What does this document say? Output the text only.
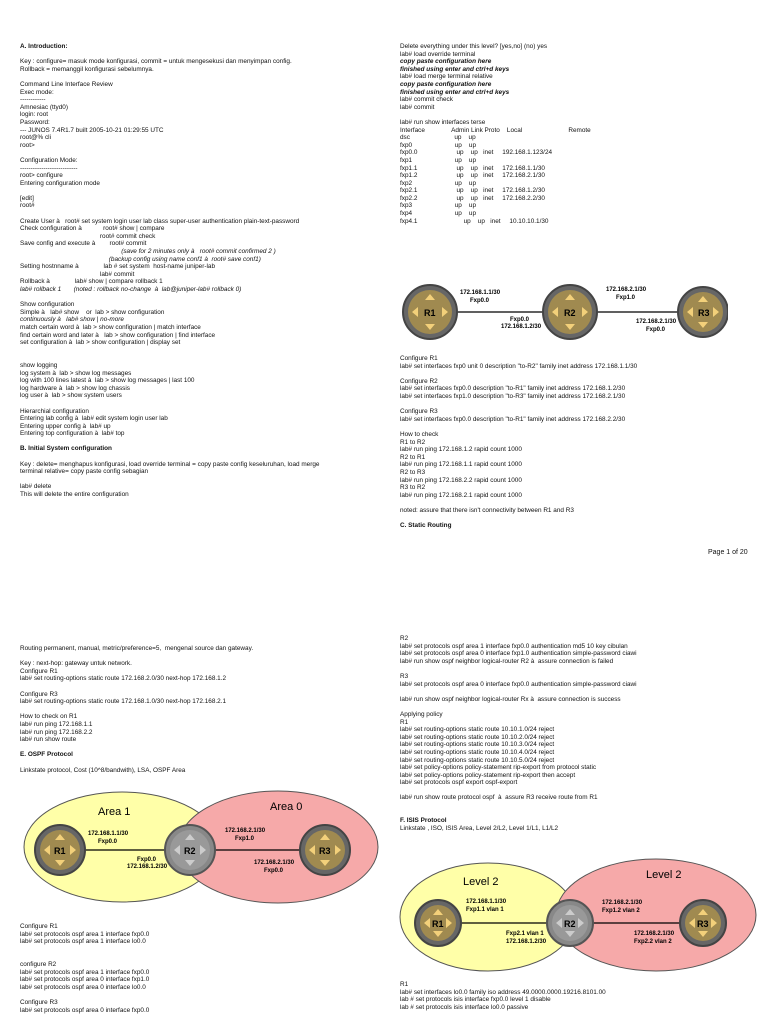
A. Introduction:
Key : configure= masuk mode konfigurasi, commit = untuk mengesekusi dan menyimpan config.
Rollback = memanggil konfigurasi sebelumnya.
Command Line Interface Review
Exec mode:
------------
Amnesiac (ttyd0)
login: root
Password:
--- JUNOS 7.4R1.7 built 2005-10-21 01:29:55 UTC
root@% cli
root>
Configuration Mode:
---------------------------
root> configure
Entering configuration mode
[edit]
root#
Create User à   root# set system login user lab class super-user authentication plain-text-password
Check configuration à            root# show | compare
root# commit check
Save config and execute à        root# commit
(save for 2 minutes only à   root# commit confirmed 2 )
(backup config using name conf1 à  root# save conf1)
Setting hostnname à              lab # set system  host-name juniper-lab
lab# commit
Rollback à              lab# show | compare rollback 1
lab# rollback 1       (noted : rollback no-change  à  lab@juniper-lab# rollback 0)
Show configuration
Simple à   lab# show    or  lab > show configuration
continuously à   lab# show | no-more
match certain word à  lab > show configuration | match interface
find certain word and later à   lab > show configuration | find interface
set configuration à  lab > show configuration | display set
show logging
log system à  lab > show log messages
log with 100 lines latest à  lab > show log messages | last 100
log hardware à  lab > show log chassis
log user à  lab > show system users
Hierarchial configuration
Entering lab config à  lab# edit system login user lab
Entering upper config à  lab# up
Entering top configuration à  lab# top
B. Initial System configuration
Key : delete= menghapus konfigurasi, load override terminal = copy paste config keseluruhan, load merge
terminal relative= copy paste config sebagian
lab# delete
This will delete the entire configuration
Delete everything under this level? [yes,no] (no) yes
lab# load override terminal
copy paste configuration here
finished using enter and ctrl+d keys
lab# load merge terminal relative
copy paste configuration here
finished using enter and ctrl+d keys
lab# commit check
lab# commit
lab# run show interfaces terse
Interface               Admin Link Proto    Local                          Remote
dsc                         up    up
fxp0                        up    up
fxp0.0                      up    up   inet     192.168.1.123/24
fxp1                        up    up
fxp1.1                      up    up   inet     172.168.1.1/30
fxp1.2                      up    up   inet     172.168.2.1/30
fxp2                        up    up
fxp2.1                      up    up   inet     172.168.1.2/30
fxp2.2                      up    up   inet     172.168.2.2/30
fxp3                        up    up
fxp4                        up    up
fxp4.1                          up    up   inet     10.10.10.1/30
R1	R2	R3
172.168.1.1/30
Fxp0.0
172.168.2.1/30
Fxp1.0
Fxp0.0
172.168.1.2/30
172.168.2.1/30
Fxp0.0
Configure R1
lab# set interfaces fxp0 unit 0 description "to-R2" family inet address 172.168.1.1/30
Configure R2
lab# set interfaces fxp0.0 description "to-R1" family inet address 172.168.1.2/30
lab# set interfaces fxp1.0 description "to-R3" family inet address 172.168.2.1/30
Configure R3
lab# set interfaces fxp0.0 description "to-R1" family inet address 172.168.2.2/30
How to check
R1 to R2
lab# run ping 172.168.1.2 rapid count 1000
R2 to R1
lab# run ping 172.168.1.1 rapid count 1000
R2 to R3
lab# run ping 172.168.2.2 rapid count 1000
R3 to R2
lab# run ping 172.168.2.1 rapid count 1000
noted: assure that there isn't connectivity between R1 and R3
C. Static Routing
Page 1 of 20
Routing permanent, manual, metric/preference=5,  mengenal source dan gateway.
Key : next-hop: gateway untuk network.
Configure R1
lab# set routing-options static route 172.168.2.0/30 next-hop 172.168.1.2
Configure R3
lab# set routing-options static route 172.168.1.0/30 next-hop 172.168.2.1
How to check on R1
lab# run ping 172.168.1.1
lab# run ping 172.168.2.2
lab# run show route
E. OSPF Protocol
Linkstate protocol, Cost (10^8/bandwith), LSA, OSPF Area
Area 1	Area 0
R1	R2	R3
172.168.1.1/30
Fxp0.0
172.168.2.1/30
Fxp1.0
Fxp0.0
172.168.1.2/30
172.168.2.1/30
Fxp0.0
Configure R1
lab# set protocols ospf area 1 interface fxp0.0
lab# set protocols ospf area 1 interface lo0.0
configure R2
lab# set protocols ospf area 1 interface fxp0.0
lab# set protocols ospf area 0 interface fxp1.0
lab# set protocols ospf area 0 interface lo0.0
Configure R3
lab# set protocols ospf area 0 interface fxp0.0
R2
lab# set protocols ospf area 1 interface fxp0.0 authentication md5 10 key cibulan
lab# set protocols ospf area 0 interface fxp1.0 authentication simple-password ciawi
lab# run show ospf neighbor logical-router R2 à  assure connection is failed
R3
lab# set protocols ospf area 0 interface fxp0.0 authentication simple-password ciawi
lab# run show ospf neighbor logical-router Rx à  assure connection is success
Applying policy
R1
lab# set routing-options static route 10.10.1.0/24 reject
lab# set routing-options static route 10.10.2.0/24 reject
lab# set routing-options static route 10.10.3.0/24 reject
lab# set routing-options static route 10.10.4.0/24 reject
lab# set routing-options static route 10.10.5.0/24 reject
lab# set policy-options policy-statement rip-export from protocol static
lab# set policy-options policy-statement rip-export then accept
lab# set protocols ospf export ospf-export
lab# run show route protocol ospf  à  assure R3 receive route from R1
F. ISIS Protocol
Linkstate , ISO, ISIS Area, Level 2/L2, Level 1/L1, L1/L2
Level 2
Level 2
R1	R2	R3
172.168.1.1/30
Fxp1.1 vlan 1
172.168.2.1/30
Fxp1.2 vlan 2
Fxp2.1 vlan 1
172.168.1.2/30
172.168.2.1/30
Fxp2.2 vlan 2
R1
lab# set interfaces lo0.0 family iso address 49.0000.0000.19216.8101.00
lab # set protocols isis interface fxp0.0 level 1 disable
lab # set protocols isis interface lo0.0 passive
